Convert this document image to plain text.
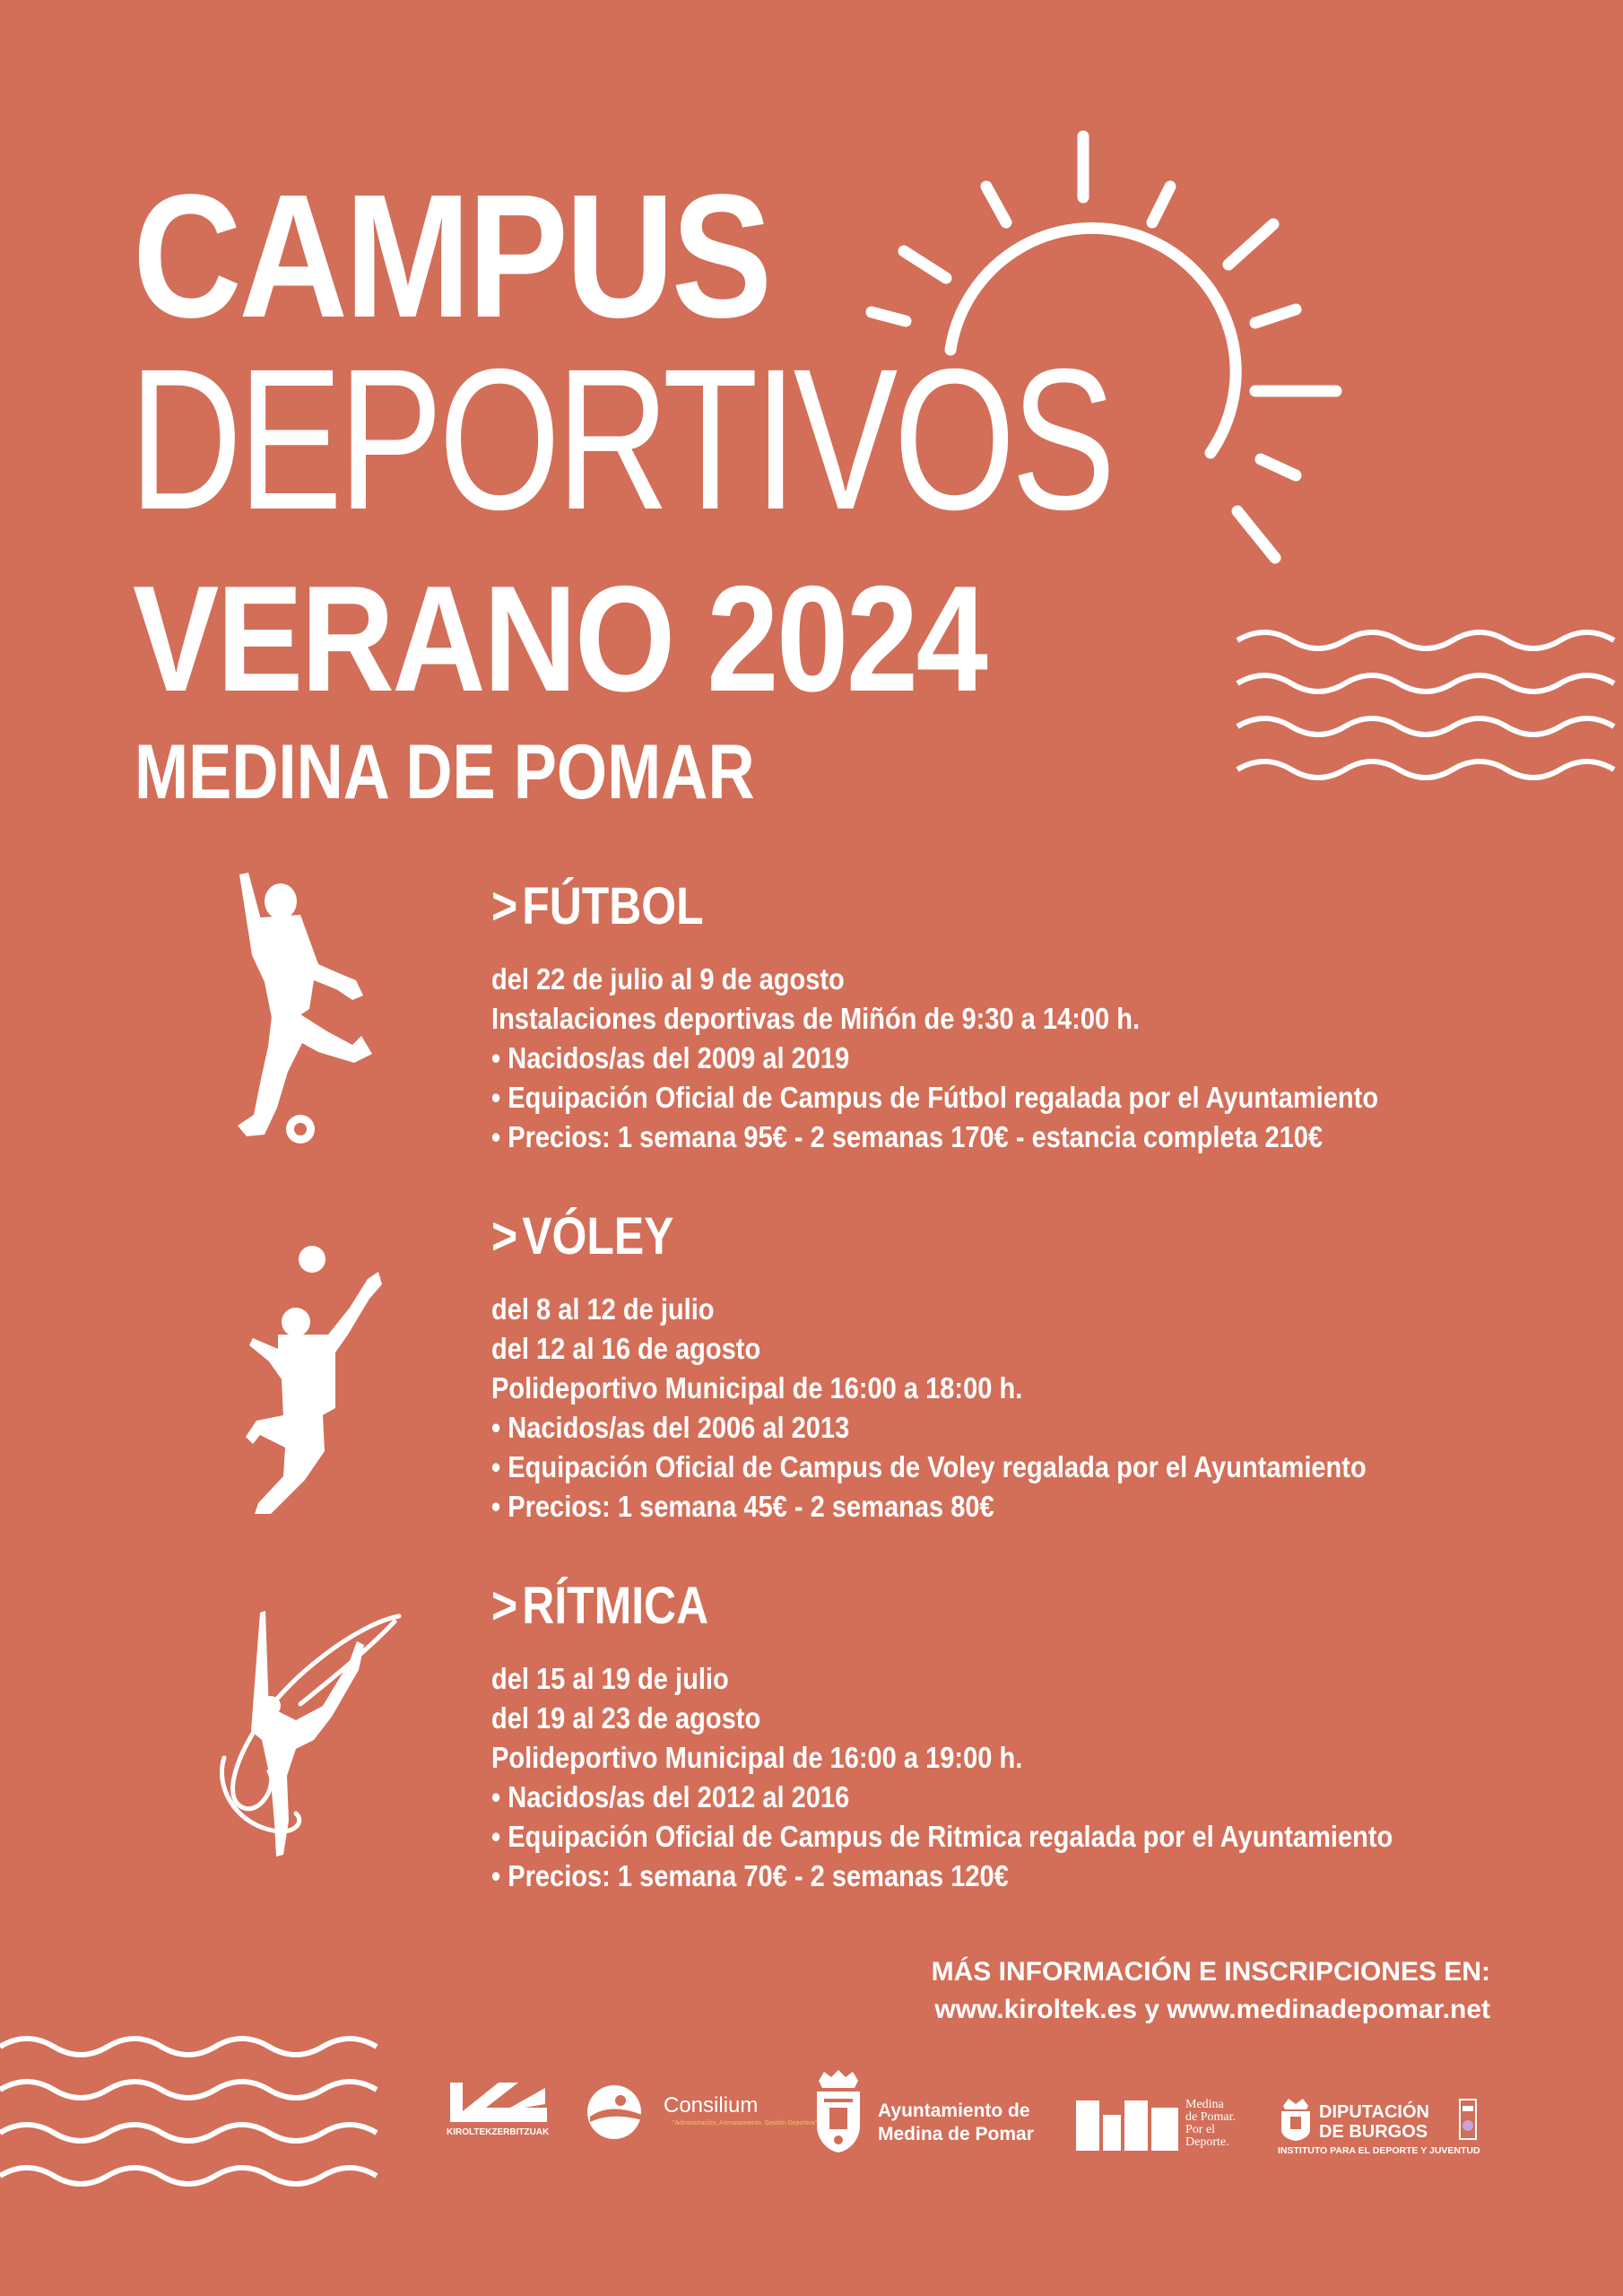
CAMPUS
DEPORTIVOS
VERANO 2024
MEDINA DE POMAR
>FÚTBOL
del 22 de julio al 9 de agosto
Instalaciones deportivas de Miñón de 9:30 a 14:00 h.
• Nacidos/as del 2009 al 2019
• Equipación Oficial de Campus de Fútbol regalada por el Ayuntamiento
• Precios: 1 semana 95€ - 2 semanas 170€ - estancia completa 210€
>VÓLEY
del 8 al 12 de julio
del 12 al 16 de agosto
Polideportivo Municipal de 16:00 a 18:00 h.
• Nacidos/as del 2006 al 2013
• Equipación Oficial de Campus de Voley regalada por el Ayuntamiento
• Precios: 1 semana 45€ - 2 semanas 80€
>RÍTMICA
del 15 al 19 de julio
del 19 al 23 de agosto
Polideportivo Municipal de 16:00 a 19:00 h.
• Nacidos/as del 2012 al 2016
• Equipación Oficial de Campus de Ritmica regalada por el Ayuntamiento
• Precios: 1 semana 70€ - 2 semanas 120€
MÁS INFORMACIÓN E INSCRIPCIONES EN:
www.kiroltek.es y www.medinadepomar.net
KIROLTEKZERBITZUAK
Consilium
"Administración, Asesoramiento, Gestión Deportiva"
Ayuntamiento de
Medina de Pomar
Medina
de Pomar.
Por el
Deporte.
DIPUTACIÓN
DE BURGOS
INSTITUTO PARA EL DEPORTE Y JUVENTUD
